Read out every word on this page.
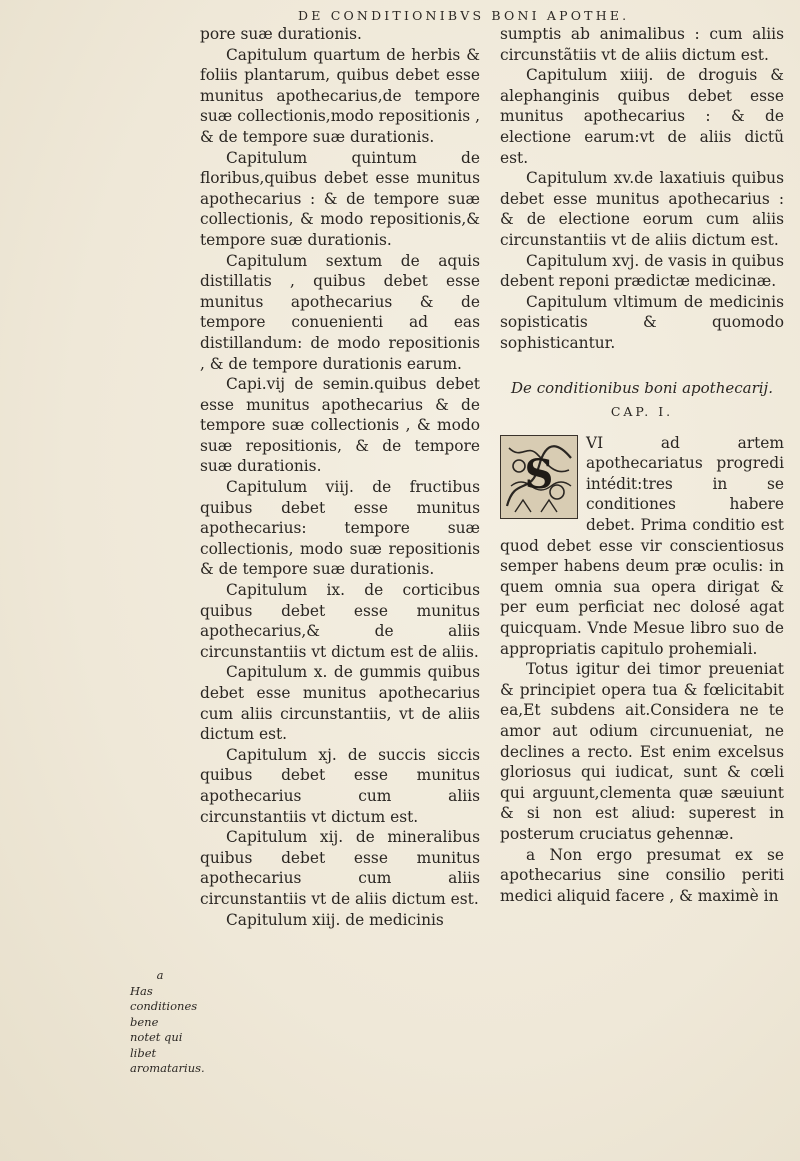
DE CONDITIONIBVS BONI APOTHE.

pore suæ durationis.

Capitulum quartum de herbis & foliis plantarum, quibus debet esse munitus apothecarius,de tempore suæ collectionis,modo repositionis , & de tempore suæ durationis.

Capitulum quintum de floribus,quibus debet esse munitus apothecarius : & de tempore suæ collectionis, & modo repositionis,& tempore suæ durationis.

Capitulum sextum de aquis distillatis , quibus debet esse munitus apothecarius & de tempore conuenienti ad eas distillandum: de modo repositionis , & de tempore durationis earum.

Capi.vij de semin.quibus debet esse munitus apothecarius & de tempore suæ collectionis , & modo suæ repositionis, & de tempore suæ durationis.

Capitulum viij. de fructibus quibus debet esse munitus apothecarius: tempore suæ collectionis, modo suæ repositionis & de tempore suæ durationis.

Capitulum ix. de corticibus quibus debet esse munitus apothecarius,& de aliis circunstantiis vt dictum est de aliis.

Capitulum x. de gummis quibus debet esse munitus apothecarius cum aliis circunstantiis, vt de aliis dictum est.

Capitulum xj. de succis siccis quibus debet esse munitus apothecarius cum aliis circunstantiis vt dictum est.

Capitulum xij. de mineralibus quibus debet esse munitus apothecarius cum aliis circunstantiis vt de aliis dictum est.

Capitulum xiij. de medicinis

a
Has conditiones bene notet qui libet aromatarius.

sumptis ab animalibus : cum aliis circunstãtiis vt de aliis dictum est.

Capitulum xiiij. de droguis & alephanginis quibus debet esse munitus apothecarius : & de electione earum:vt de aliis dictũ est.

Capitulum xv.de laxatiuis quibus debet esse munitus apothecarius : & de electione eorum cum aliis circunstantiis vt de aliis dictum est.

Capitulum xvj. de vasis in quibus debent reponi prædictæ medicinæ.

Capitulum vltimum de medicinis sopisticatis & quomodo sophisticantur.

De conditionibus boni apothecarij.

CAP. I.

S

VI ad artem apothecariatus progredi intédit:tres in se conditiones habere debet. Prima conditio est quod debet esse vir conscientiosus semper habens deum præ oculis: in quem omnia sua opera dirigat & per eum perficiat nec dolosé agat quicquam. Vnde Mesue libro suo de appropriatis capitulo prohemiali.

Totus igitur dei timor preueniat & principiet opera tua & fœlicitabit ea,Et subdens ait.Considera ne te amor aut odium circunueniat, ne declines a recto. Est enim excelsus gloriosus qui iudicat, sunt & cœli qui arguunt,clementa quæ sæuiunt & si non est aliud: superest in posterum cruciatus gehennæ.

a Non ergo presumat ex se apothecarius sine consilio periti medici aliquid facere , & maximè in
